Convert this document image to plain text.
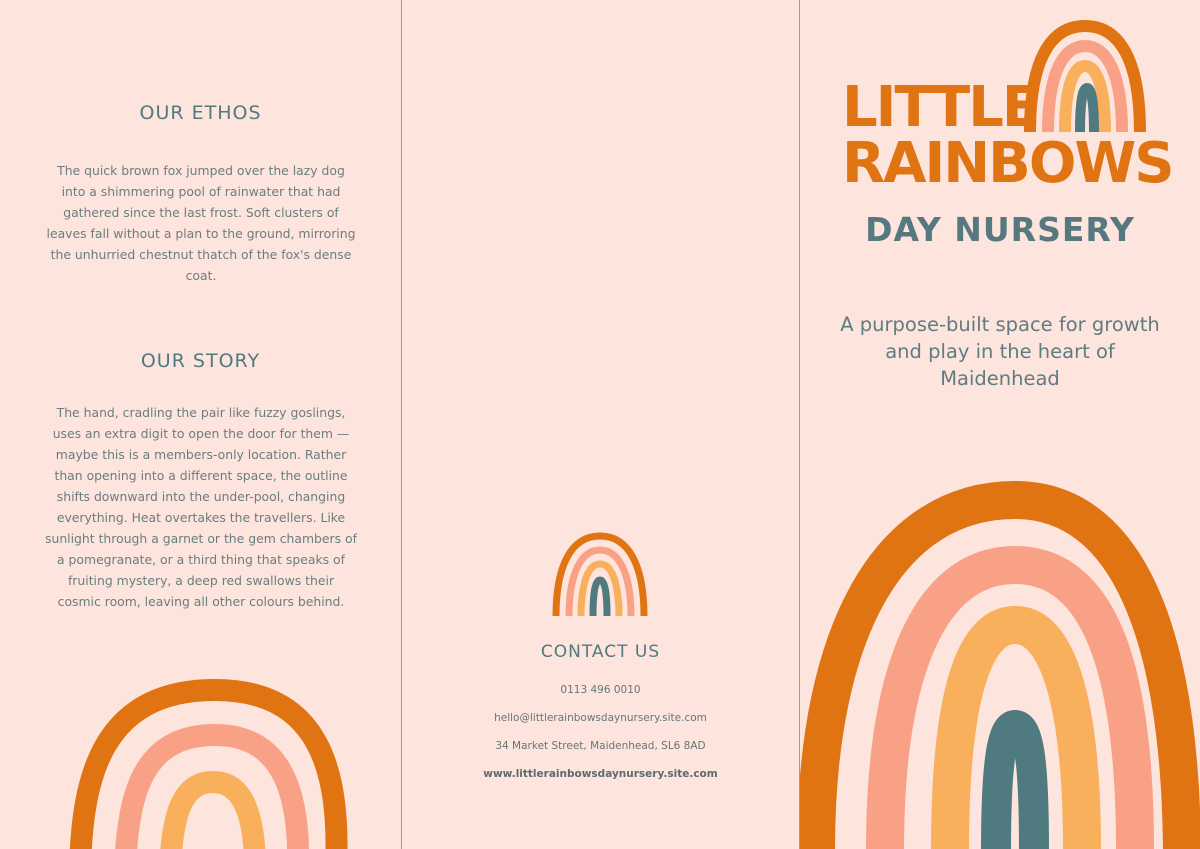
OUR ETHOS

The quick brown fox jumped over the lazy dog into a shimmering pool of rainwater that had gathered since the last frost. Soft clusters of leaves fall without a plan to the ground, mirroring the unhurried chestnut thatch of the fox's dense coat.

OUR STORY

The hand, cradling the pair like fuzzy goslings, uses an extra digit to open the door for them — maybe this is a members-only location. Rather than opening into a different space, the outline shifts downward into the under-pool, changing everything. Heat overtakes the travellers. Like sunlight through a garnet or the gem chambers of a pomegranate, or a third thing that speaks of fruiting mystery, a deep red swallows their cosmic room, leaving all other colours behind.

CONTACT US

0113 496 0010

hello@littlerainbowsdaynursery.site.com

34 Market Street, Maidenhead, SL6 8AD

www.littlerainbowsdaynursery.site.com

LITTLE

RAINBOWS

DAY NURSERY

A purpose-built space for growth and play in the heart of Maidenhead
